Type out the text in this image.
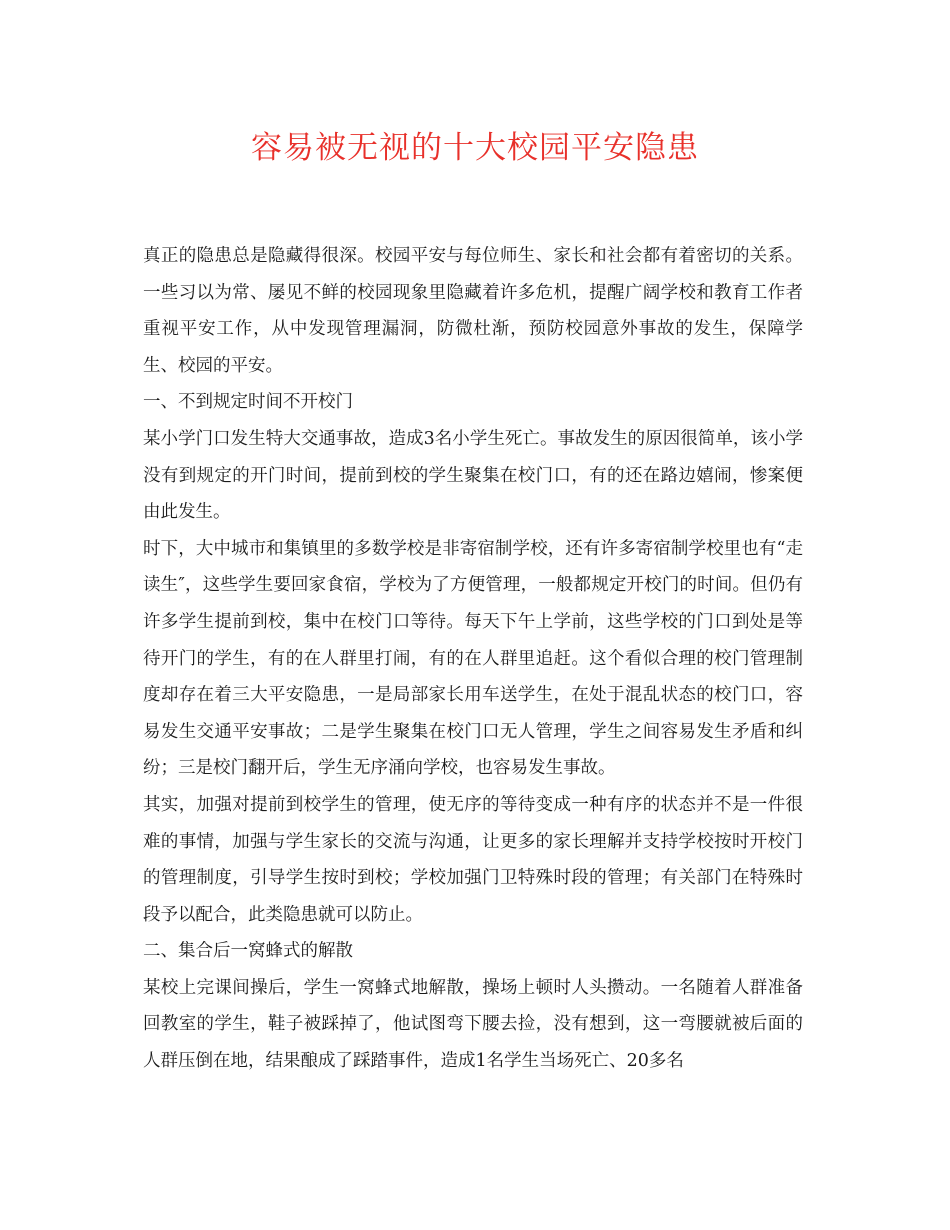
容易被无视的十大校园平安隐患

真正的隐患总是隐藏得很深。校园平安与每位师生、家长和社会都有着密切的关系。一些习以为常、屡见不鲜的校园现象里隐藏着许多危机，提醒广阔学校和教育工作者重视平安工作，从中发现管理漏洞，防微杜渐，预防校园意外事故的发生，保障学生、校园的平安。

一、不到规定时间不开校门

某小学门口发生特大交通事故，造成3名小学生死亡。事故发生的原因很简单，该小学没有到规定的开门时间，提前到校的学生聚集在校门口，有的还在路边嬉闹，惨案便由此发生。

时下，大中城市和集镇里的多数学校是非寄宿制学校，还有许多寄宿制学校里也有“走读生″，这些学生要回家食宿，学校为了方便管理，一般都规定开校门的时间。但仍有许多学生提前到校，集中在校门口等待。每天下午上学前，这些学校的门口到处是等待开门的学生，有的在人群里打闹，有的在人群里追赶。这个看似合理的校门管理制度却存在着三大平安隐患，一是局部家长用车送学生，在处于混乱状态的校门口，容易发生交通平安事故；二是学生聚集在校门口无人管理，学生之间容易发生矛盾和纠纷；三是校门翻开后，学生无序涌向学校，也容易发生事故。

其实，加强对提前到校学生的管理，使无序的等待变成一种有序的状态并不是一件很难的事情，加强与学生家长的交流与沟通，让更多的家长理解并支持学校按时开校门的管理制度，引导学生按时到校；学校加强门卫特殊时段的管理；有关部门在特殊时段予以配合，此类隐患就可以防止。

二、集合后一窝蜂式的解散

某校上完课间操后，学生一窝蜂式地解散，操场上顿时人头攒动。一名随着人群准备回教室的学生，鞋子被踩掉了，他试图弯下腰去捡，没有想到，这一弯腰就被后面的人群压倒在地，结果酿成了踩踏事件，造成1名学生当场死亡、20多名
